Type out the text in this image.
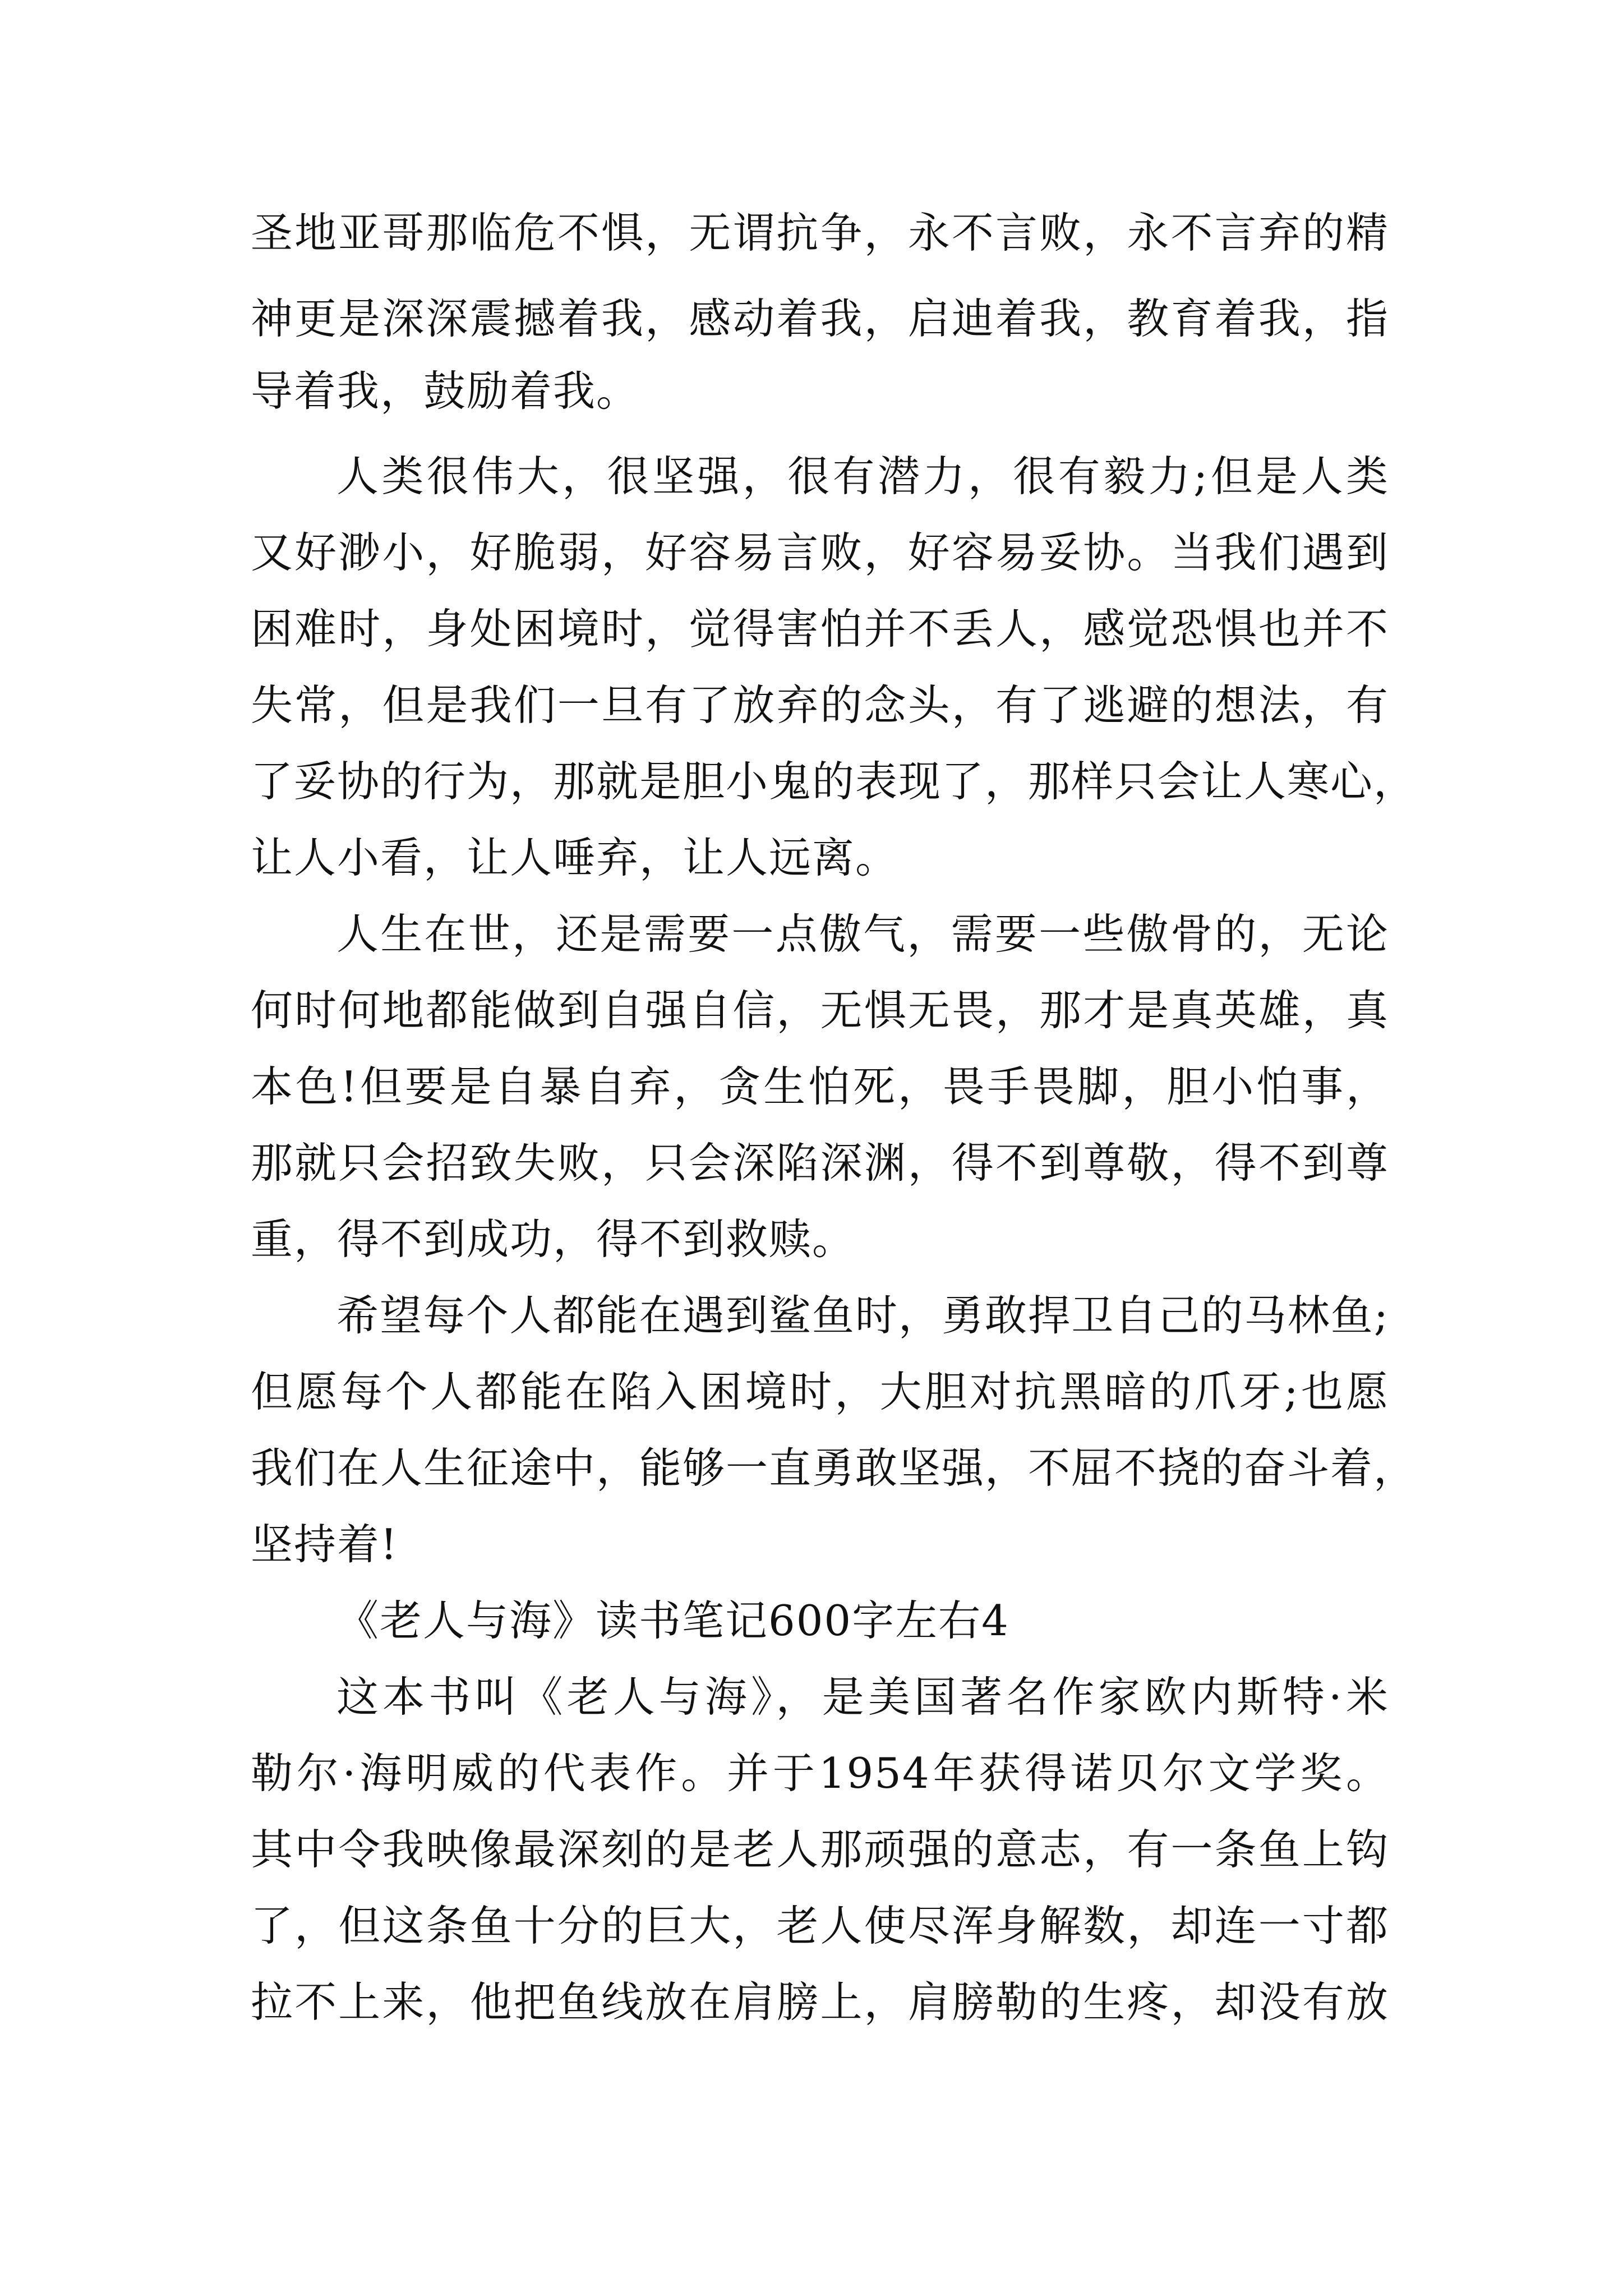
圣地亚哥那临危不惧，无谓抗争，永不言败，永不言弃的精
神更是深深震撼着我，感动着我，启迪着我，教育着我，指
导着我，鼓励着我。
人类很伟大，很坚强，很有潜力，很有毅力;但是人类
又好渺小，好脆弱，好容易言败，好容易妥协。当我们遇到
困难时，身处困境时，觉得害怕并不丢人，感觉恐惧也并不
失常，但是我们一旦有了放弃的念头，有了逃避的想法，有
了妥协的行为，那就是胆小鬼的表现了，那样只会让人寒心，
让人小看，让人唾弃，让人远离。
人生在世，还是需要一点傲气，需要一些傲骨的，无论
何时何地都能做到自强自信，无惧无畏，那才是真英雄，真
本色!但要是自暴自弃，贪生怕死，畏手畏脚，胆小怕事，
那就只会招致失败，只会深陷深渊，得不到尊敬，得不到尊
重，得不到成功，得不到救赎。
希望每个人都能在遇到鲨鱼时，勇敢捍卫自己的马林鱼;
但愿每个人都能在陷入困境时，大胆对抗黑暗的爪牙;也愿
我们在人生征途中，能够一直勇敢坚强，不屈不挠的奋斗着，
坚持着!
《老人与海》读书笔记600字左右4
这本书叫《老人与海》，是美国著名作家欧内斯特·米
勒尔·海明威的代表作。并于1954年获得诺贝尔文学奖。
其中令我映像最深刻的是老人那顽强的意志，有一条鱼上钩
了，但这条鱼十分的巨大，老人使尽浑身解数，却连一寸都
拉不上来，他把鱼线放在肩膀上，肩膀勒的生疼，却没有放
